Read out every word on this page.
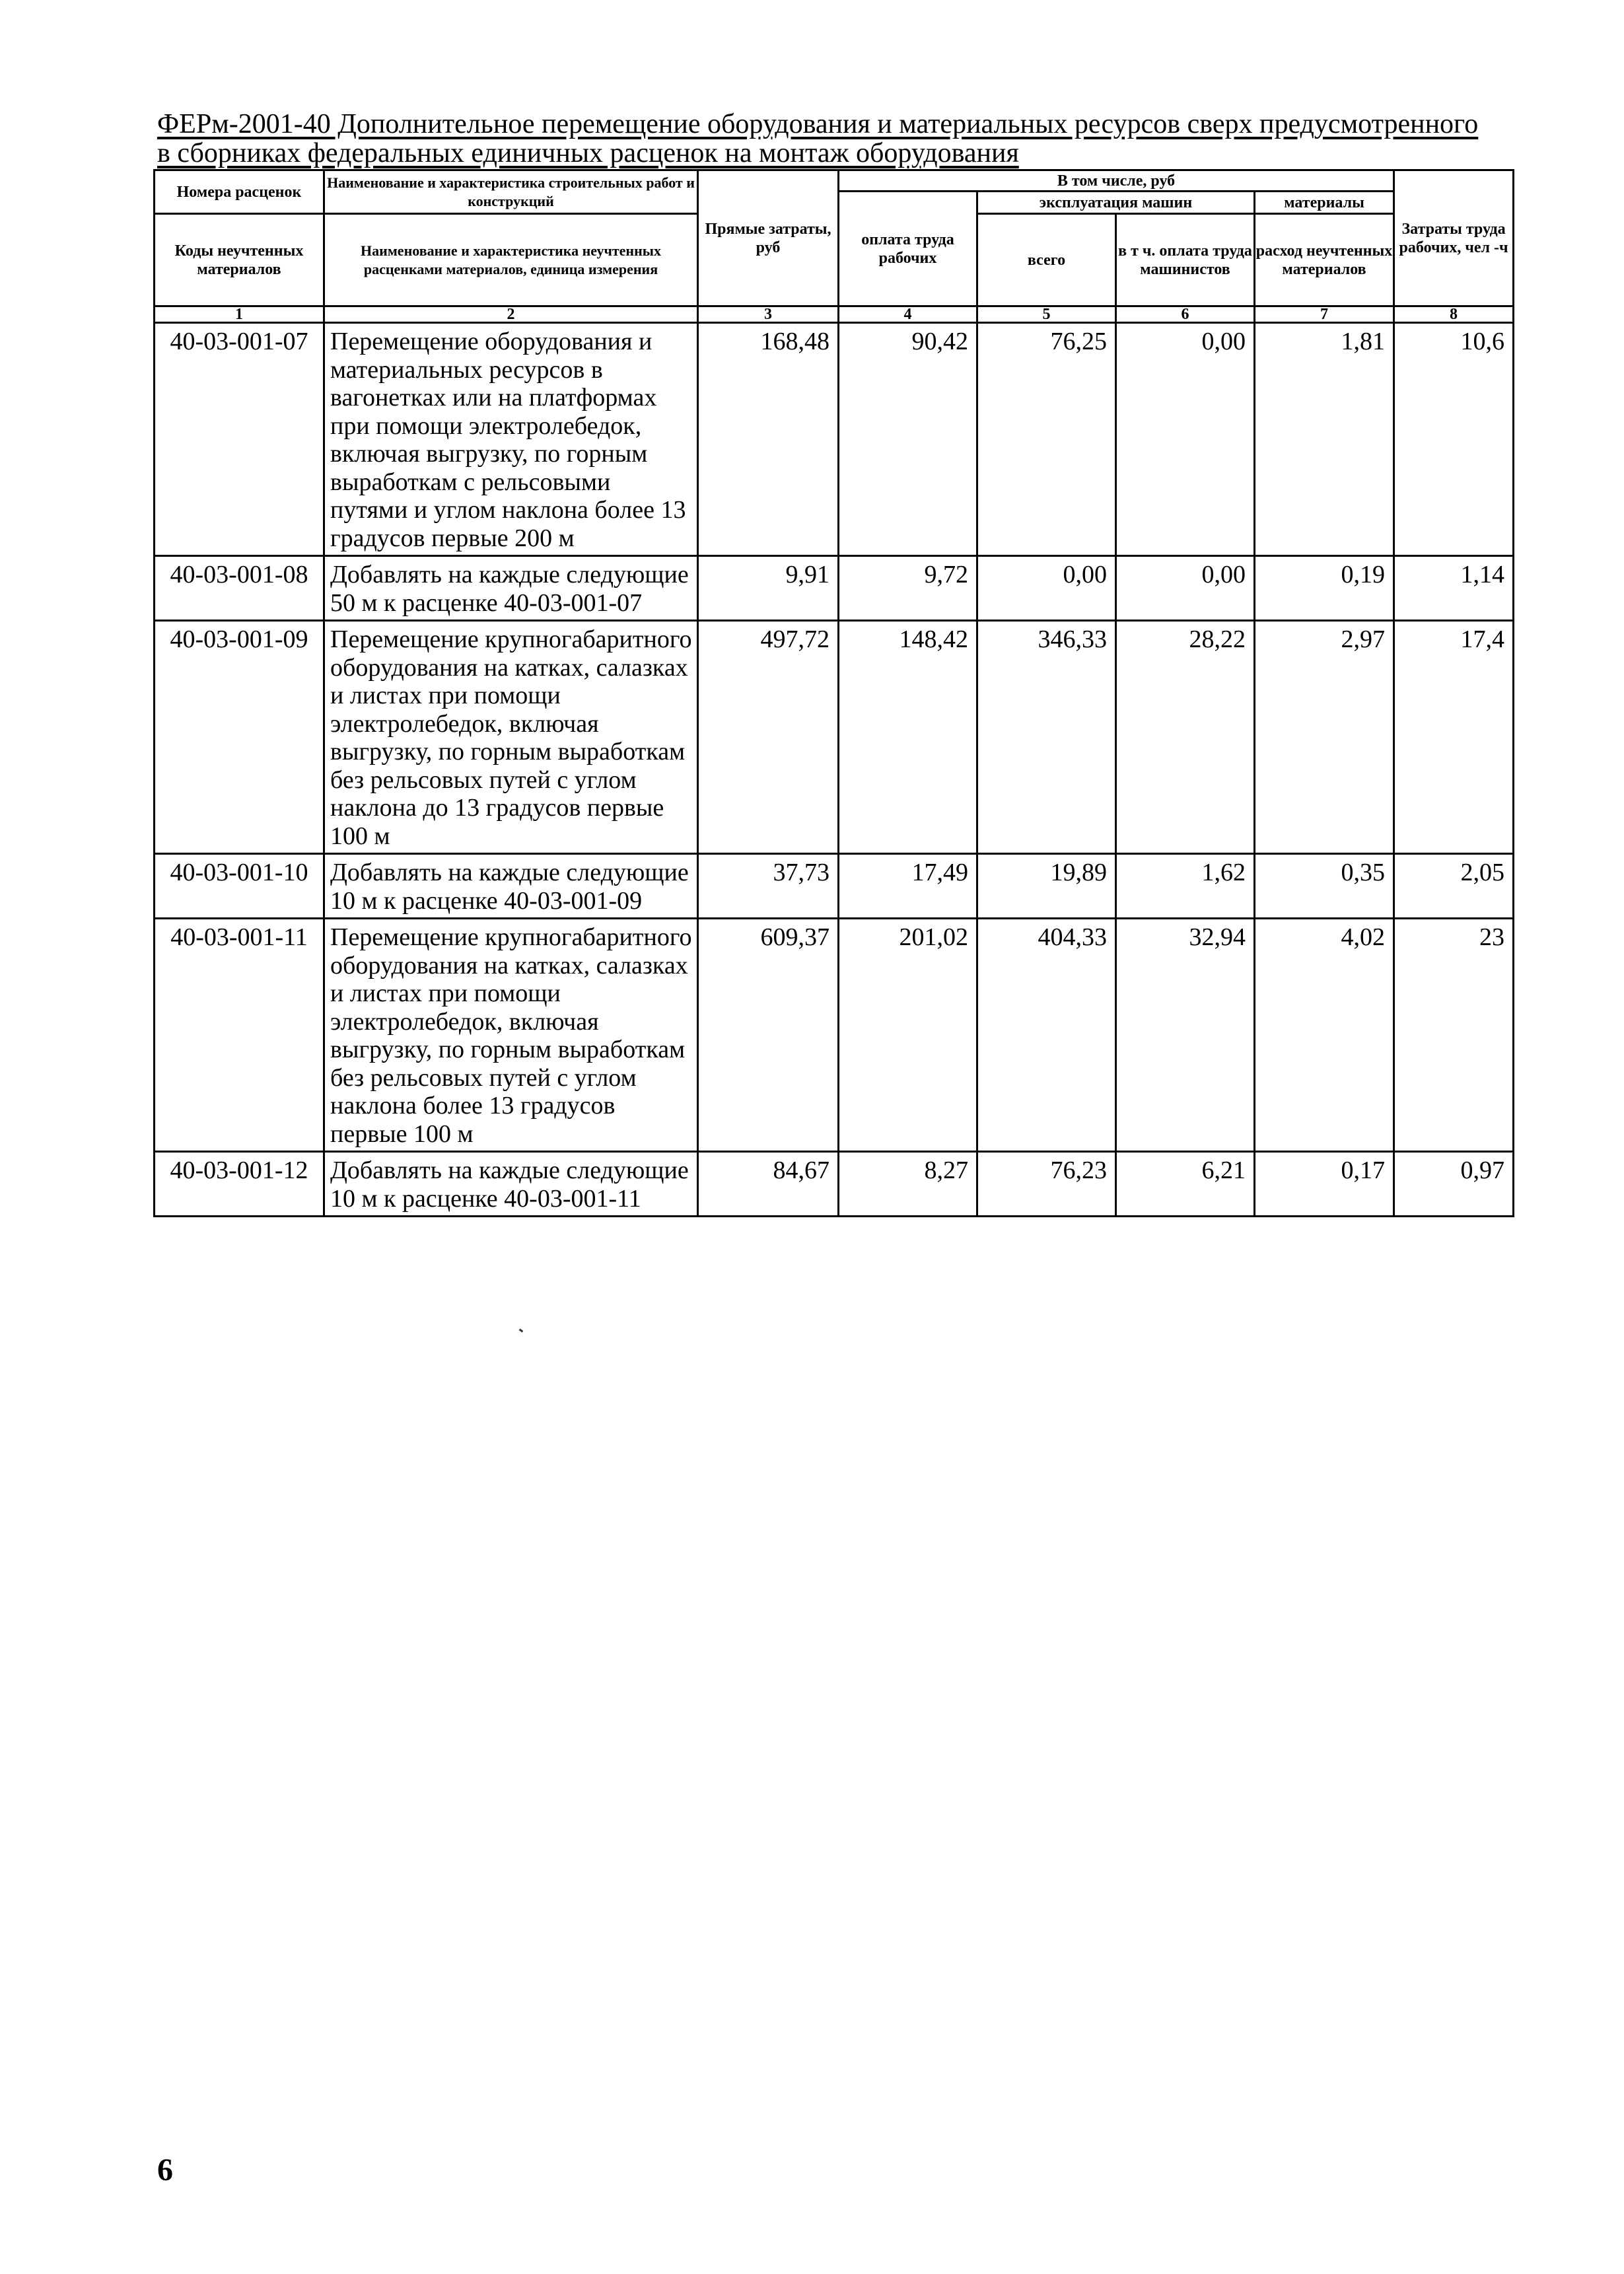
ФЕРм-2001-40 Дополнительное перемещение оборудования и материальных ресурсов сверх предусмотренного
в сборниках федеральных единичных расценок на монтаж оборудования
Номера расценок	Наименование и характеристика строительных работ и конструкций	Прямые затраты, руб	В том числе, руб				Затраты труда рабочих, чел -ч
			оплата труда рабочих	эксплуатация машин		материалы	
Коды неучтенных материалов	Наименование и характеристика неучтенных расценками материалов, единица измерения			всего	в т ч. оплата труда машинистов	расход неучтенных материалов	

1	2	3	4	5	6	7	8
40-03-001-07	Перемещение оборудования и материальных ресурсов в вагонетках или на платформах при помощи электролебедок, включая выгрузку, по горным выработкам с рельсовыми путями и углом наклона более 13 градусов первые 200 м	168,48	90,42	76,25	0,00	1,81	10,6
40-03-001-08	Добавлять на каждые следующие 50 м к расценке 40-03-001-07	9,91	9,72	0,00	0,00	0,19	1,14
40-03-001-09	Перемещение крупногабаритного оборудования на катках, салазках и листах при помощи электролебедок, включая выгрузку, по горным выработкам без рельсовых путей с углом наклона до 13 градусов первые 100 м	497,72	148,42	346,33	28,22	2,97	17,4
40-03-001-10	Добавлять на каждые следующие 10 м к расценке 40-03-001-09	37,73	17,49	19,89	1,62	0,35	2,05
40-03-001-11	Перемещение крупногабаритного оборудования на катках, салазках и листах при помощи электролебедок, включая выгрузку, по горным выработкам без рельсовых путей с углом наклона более 13 градусов первые 100 м	609,37	201,02	404,33	32,94	4,02	23
40-03-001-12	Добавлять на каждые следующие 10 м к расценке 40-03-001-11	84,67	8,27	76,23	6,21	0,17	0,97
6
